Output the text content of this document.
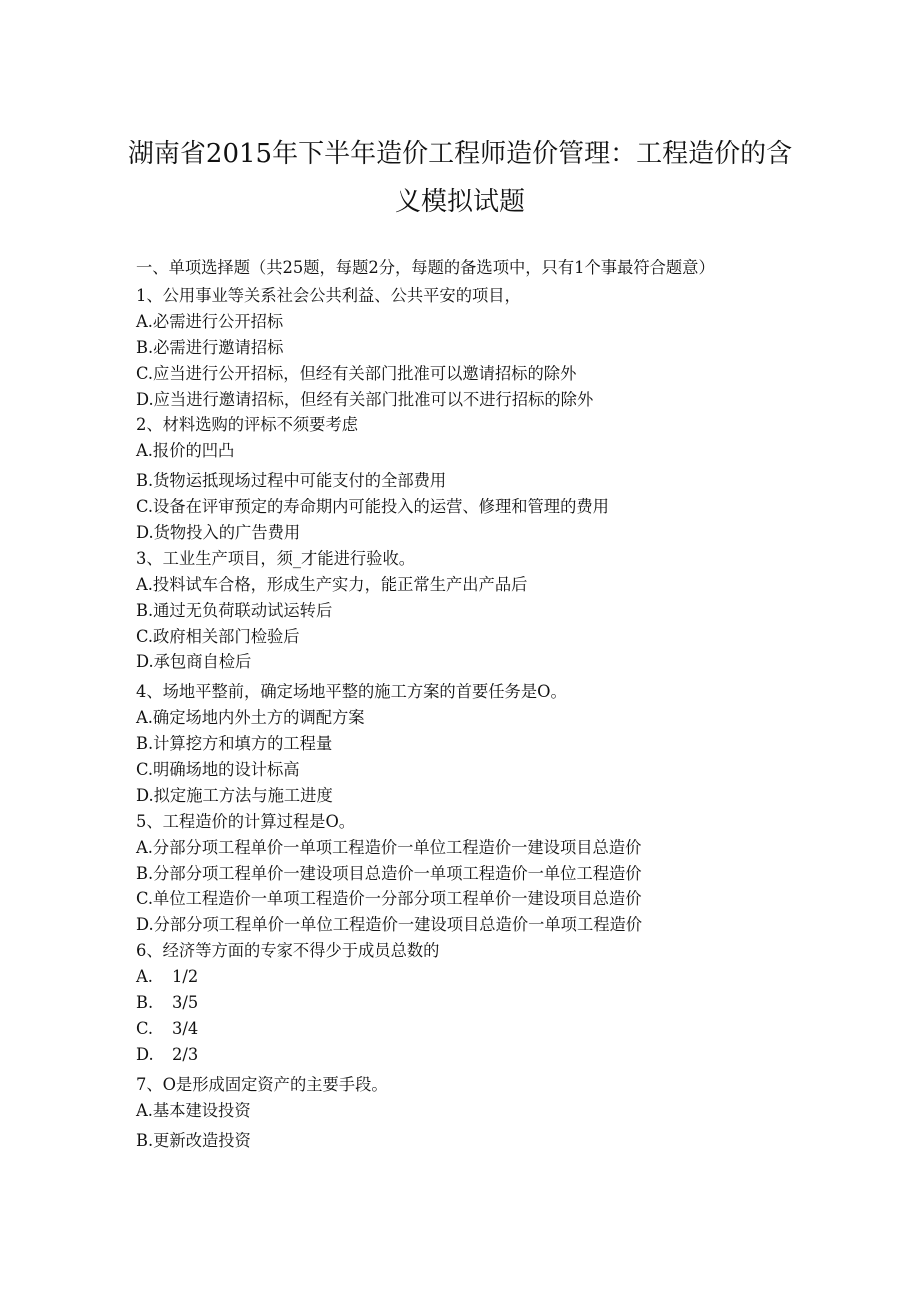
湖南省2015年下半年造价工程师造价管理：工程造价的含
义模拟试题
一、单项选择题（共25题，每题2分，每题的备选项中，只有1个事最符合题意）
1、公用事业等关系社会公共利益、公共平安的项目，
A.必需进行公开招标
B.必需进行邀请招标
C.应当进行公开招标，但经有关部门批准可以邀请招标的除外
D.应当进行邀请招标，但经有关部门批准可以不进行招标的除外
2、材料选购的评标不须要考虑
A.报价的凹凸
B.货物运抵现场过程中可能支付的全部费用
C.设备在评审预定的寿命期内可能投入的运营、修理和管理的费用
D.货物投入的广告费用
3、工业生产项目，须_才能进行验收。
A.投料试车合格，形成生产实力，能正常生产出产品后
B.通过无负荷联动试运转后
C.政府相关部门检验后
D.承包商自检后
4、场地平整前，确定场地平整的施工方案的首要任务是O。
A.确定场地内外土方的调配方案
B.计算挖方和填方的工程量
C.明确场地的设计标高
D.拟定施工方法与施工进度
5、工程造价的计算过程是O。
A.分部分项工程单价一单项工程造价一单位工程造价一建设项目总造价
B.分部分项工程单价一建设项目总造价一单项工程造价一单位工程造价
C.单位工程造价一单项工程造价一分部分项工程单价一建设项目总造价
D.分部分项工程单价一单位工程造价一建设项目总造价一单项工程造价
6、经济等方面的专家不得少于成员总数的
A.	1/2
B.	3/5
C.	3/4
D.	2/3
7、O是形成固定资产的主要手段。
A.基本建设投资
B.更新改造投资
